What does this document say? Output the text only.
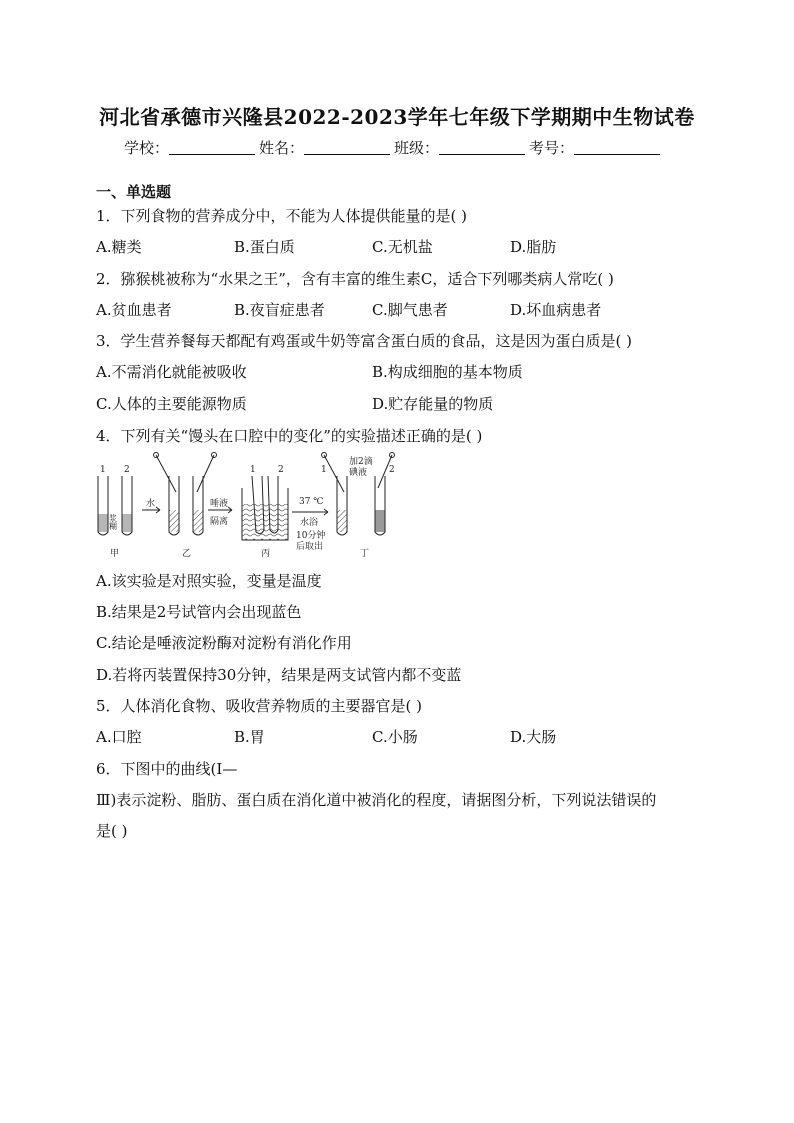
河北省承德市兴隆县2022-2023学年七年级下学期期中生物试卷
学校：	姓名：	班级：	考号：
一、单选题
1．下列食物的营养成分中，不能为人体提供能量的是( )
A.糖类	B.蛋白质	C.无机盐	D.脂肪
2．猕猴桃被称为“水果之王”，含有丰富的维生素C，适合下列哪类病人常吃( )
A.贫血患者	B.夜盲症患者	C.脚气患者	D.坏血病患者
3．学生营养餐每天都配有鸡蛋或牛奶等富含蛋白质的食品，这是因为蛋白质是( )
A.不需消化就能被吸收	B.构成细胞的基本物质
C.人体的主要能源物质	D.贮存能量的物质
4．下列有关“馒头在口腔中的变化”的实验描述正确的是( )
1 2
浆糊
水	唾液
隔离
1 2
37 ℃
水浴
10分钟
后取出
1	2
加2滴
碘液
甲	乙	丙	丁
A.该实验是对照实验，变量是温度
B.结果是2号试管内会出现蓝色
C.结论是唾液淀粉酶对淀粉有消化作用
D.若将丙装置保持30分钟，结果是两支试管内都不变蓝
5．人体消化食物、吸收营养物质的主要器官是( )
A.口腔	B.胃	C.小肠	D.大肠
6．下图中的曲线(Ⅰ—
Ⅲ)表示淀粉、脂肪、蛋白质在消化道中被消化的程度，请据图分析，下列说法错误的
是( )
